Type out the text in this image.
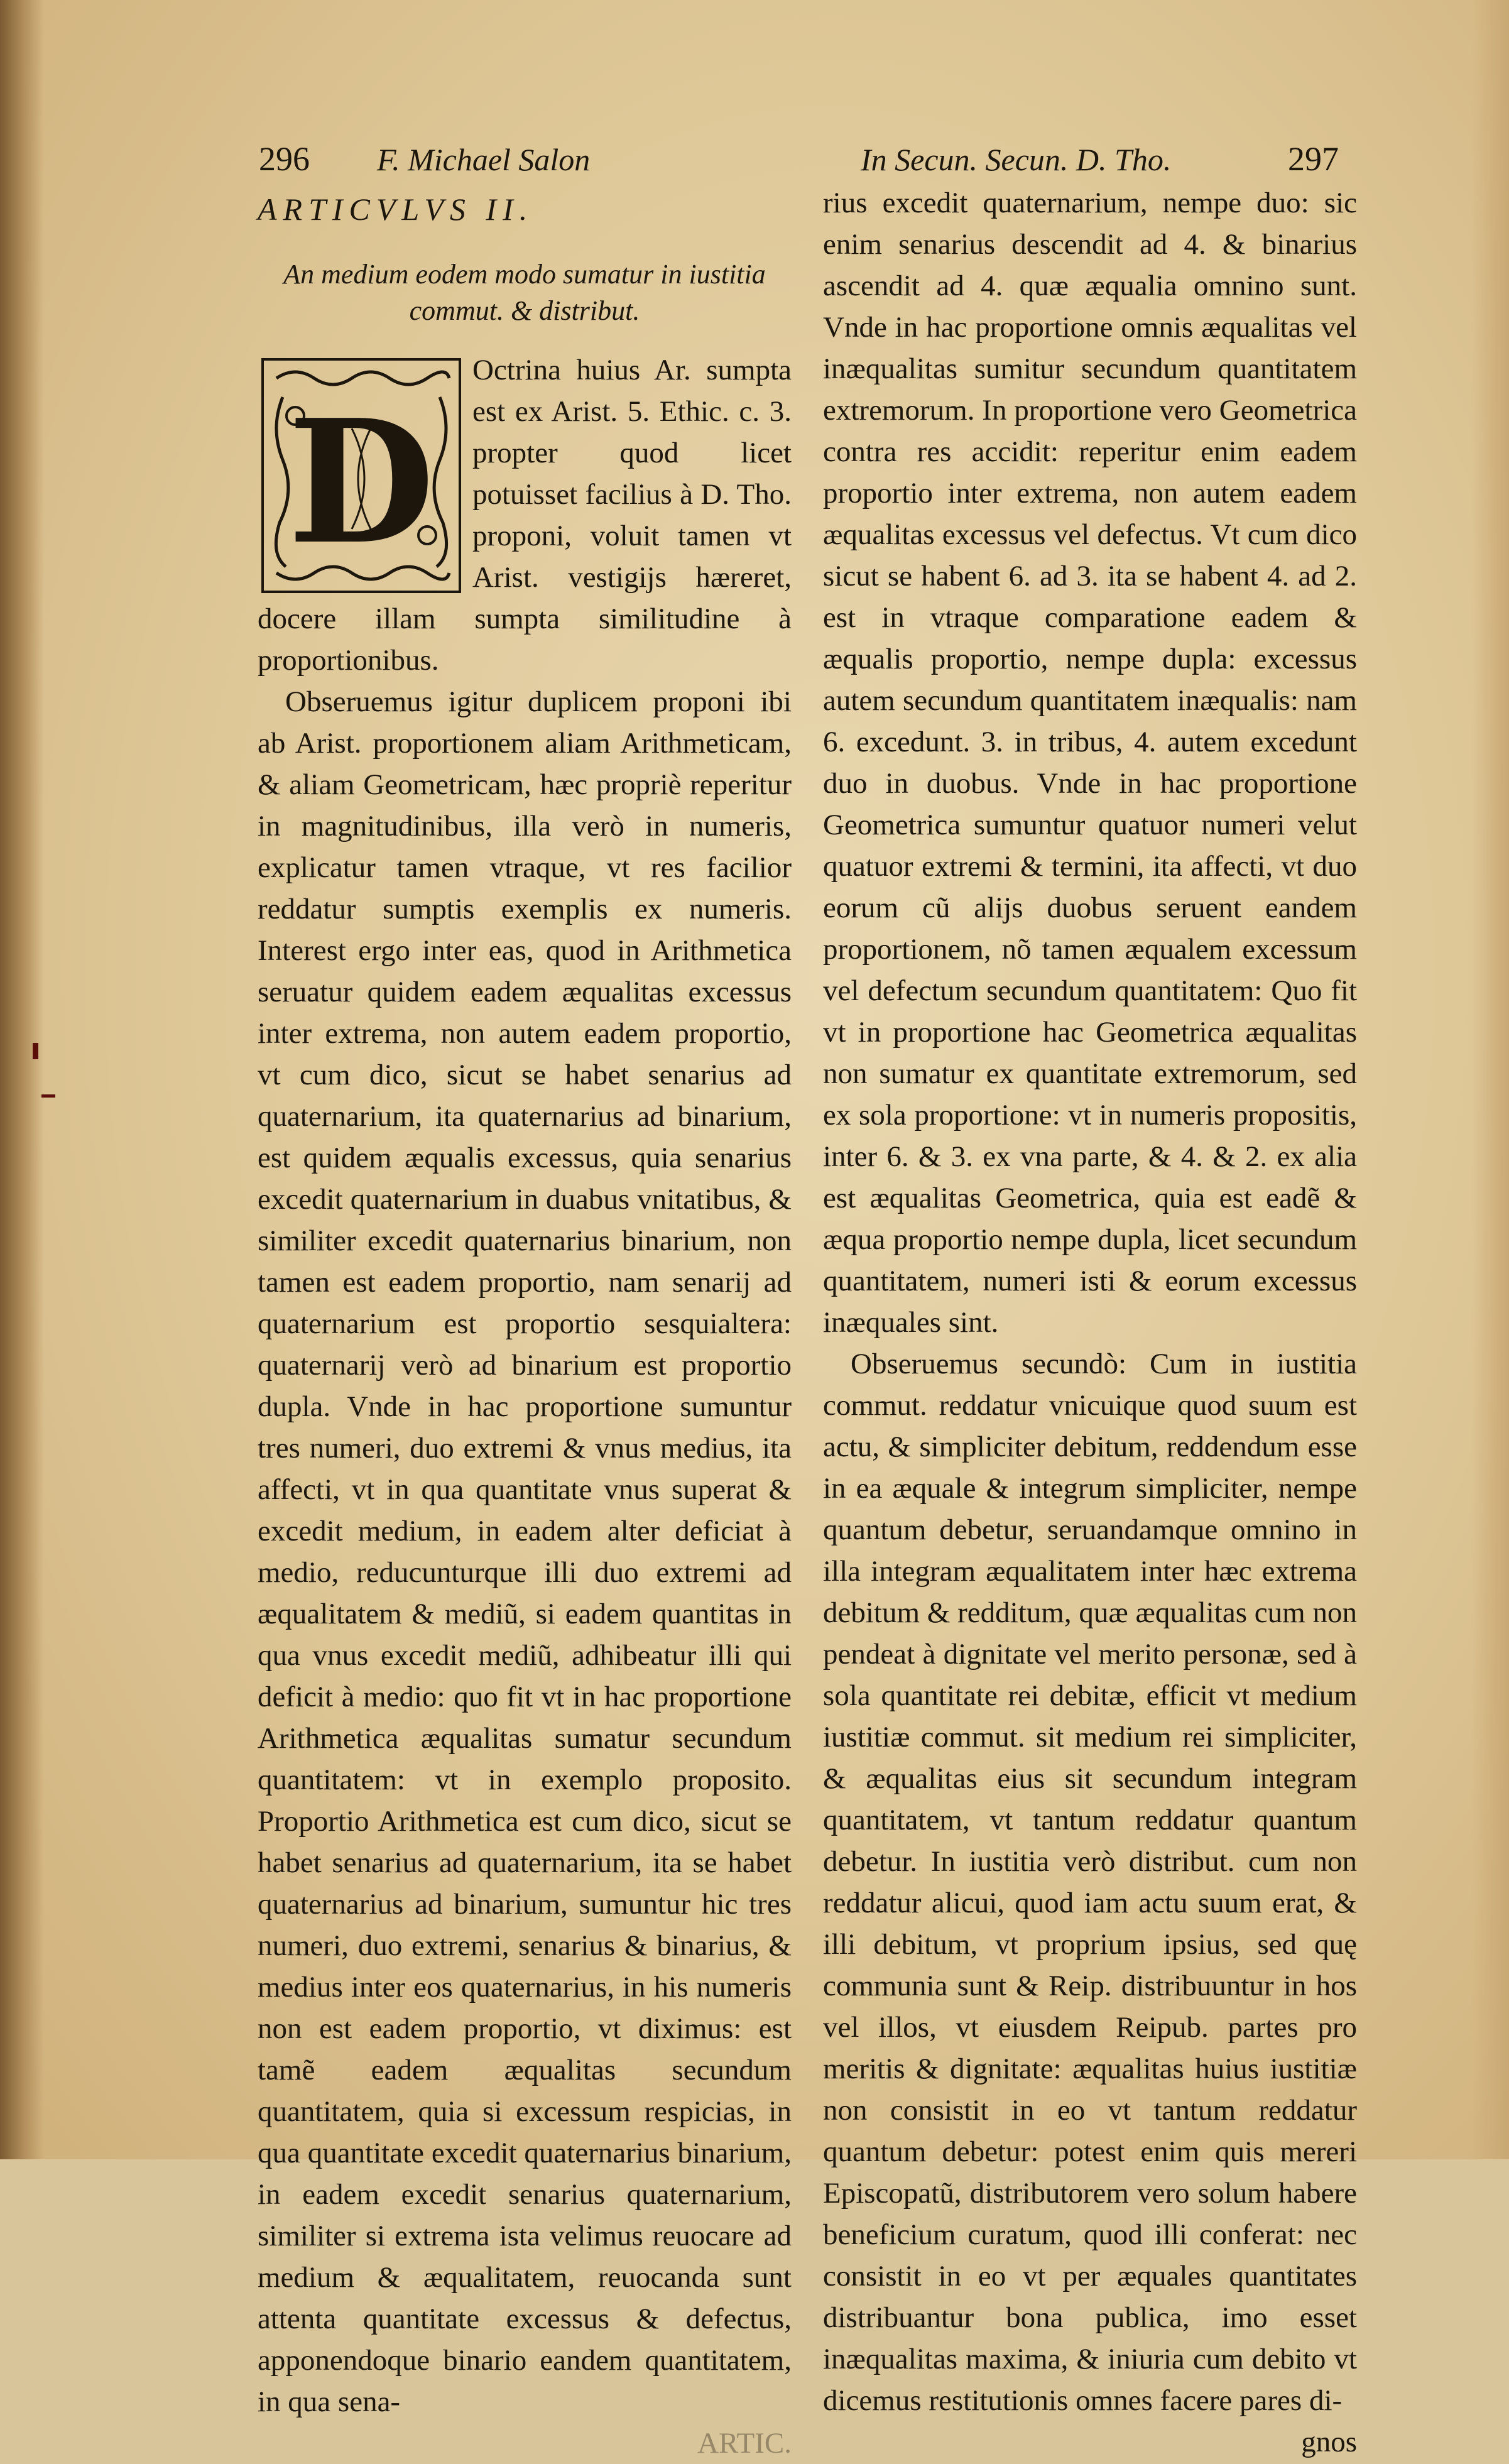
296 F. Michael Salon	In Secun. Secun. D. Tho.	297

ARTICVLVS II.

An medium eodem modo sumatur in iustitia commut. & distribut.

D

Octrina huius Ar. sumpta est ex Arist. 5. Ethic. c. 3. propter quod licet potuisset facilius à D. Tho. proponi, voluit tamen vt Arist. vestigijs hæreret, docere illam sumpta similitudine à proportionibus.

Obseruemus igitur duplicem proponi ibi ab Arist. proportionem aliam Arithmeticam, & aliam Geometricam, hæc propriè reperitur in magnitudinibus, illa verò in numeris, explicatur tamen vtraque, vt res facilior reddatur sumptis exemplis ex numeris. Interest ergo inter eas, quod in Arithmetica seruatur quidem eadem æqualitas excessus inter extrema, non autem eadem proportio, vt cum dico, sicut se habet senarius ad quaternarium, ita quaternarius ad binarium, est quidem æqualis excessus, quia senarius excedit quaternarium in duabus vnitatibus, & similiter excedit quaternarius binarium, non tamen est eadem proportio, nam senarij ad quaternarium est proportio sesquialtera: quaternarij verò ad binarium est proportio dupla. Vnde in hac proportione sumuntur tres numeri, duo extremi & vnus medius, ita affecti, vt in qua quantitate vnus superat & excedit medium, in eadem alter deficiat à medio, reducunturque illi duo extremi ad æqualitatem & mediũ, si eadem quantitas in qua vnus excedit mediũ, adhibeatur illi qui deficit à medio: quo fit vt in hac proportione Arithmetica æqualitas sumatur secundum quantitatem: vt in exemplo proposito. Proportio Arithmetica est cum dico, sicut se habet senarius ad quaternarium, ita se habet quaternarius ad binarium, sumuntur hic tres numeri, duo extremi, senarius & binarius, & medius inter eos quaternarius, in his numeris non est eadem proportio, vt diximus: est tamẽ eadem æqualitas secundum quantitatem, quia si excessum respicias, in qua quantitate excedit quaternarius binarium, in eadem excedit senarius quaternarium, similiter si extrema ista velimus reuocare ad medium & æqualitatem, reuocanda sunt attenta quantitate excessus & defectus, apponendoque binario eandem quantitatem, in qua sena-

ARTIC.

rius excedit quaternarium, nempe duo: sic enim senarius descendit ad 4. & binarius ascendit ad 4. quæ æqualia omnino sunt. Vnde in hac proportione omnis æqualitas vel inæqualitas sumitur secundum quantitatem extremorum. In proportione vero Geometrica contra res accidit: reperitur enim eadem proportio inter extrema, non autem eadem æqualitas excessus vel defectus. Vt cum dico sicut se habent 6. ad 3. ita se habent 4. ad 2. est in vtraque comparatione eadem & æqualis proportio, nempe dupla: excessus autem secundum quantitatem inæqualis: nam 6. excedunt. 3. in tribus, 4. autem excedunt duo in duobus. Vnde in hac proportione Geometrica sumuntur quatuor numeri velut quatuor extremi & termini, ita affecti, vt duo eorum cũ alijs duobus seruent eandem proportionem, nõ tamen æqualem excessum vel defectum secundum quantitatem: Quo fit vt in proportione hac Geometrica æqualitas non sumatur ex quantitate extremorum, sed ex sola proportione: vt in numeris propositis, inter 6. & 3. ex vna parte, & 4. & 2. ex alia est æqualitas Geometrica, quia est eadẽ & æqua proportio nempe dupla, licet secundum quantitatem, numeri isti & eorum excessus inæquales sint.

Obseruemus secundò: Cum in iustitia commut. reddatur vnicuique quod suum est actu, & simpliciter debitum, reddendum esse in ea æquale & integrum simpliciter, nempe quantum debetur, seruandamque omnino in illa integram æqualitatem inter hæc extrema debitum & redditum, quæ æqualitas cum non pendeat à dignitate vel merito personæ, sed à sola quantitate rei debitæ, efficit vt medium iustitiæ commut. sit medium rei simpliciter, & æqualitas eius sit secundum integram quantitatem, vt tantum reddatur quantum debetur. In iustitia verò distribut. cum non reddatur alicui, quod iam actu suum erat, & illi debitum, vt proprium ipsius, sed quę communia sunt & Reip. distribuuntur in hos vel illos, vt eiusdem Reipub. partes pro meritis & dignitate: æqualitas huius iustitiæ non consistit in eo vt tantum reddatur quantum debetur: potest enim quis mereri Episcopatũ, distributorem vero solum habere beneficium curatum, quod illi conferat: nec consistit in eo vt per æquales quantitates distribuantur bona publica, imo esset inæqualitas maxima, & iniuria cum debito vt dicemus restitutionis omnes facere pares di-

gnos
